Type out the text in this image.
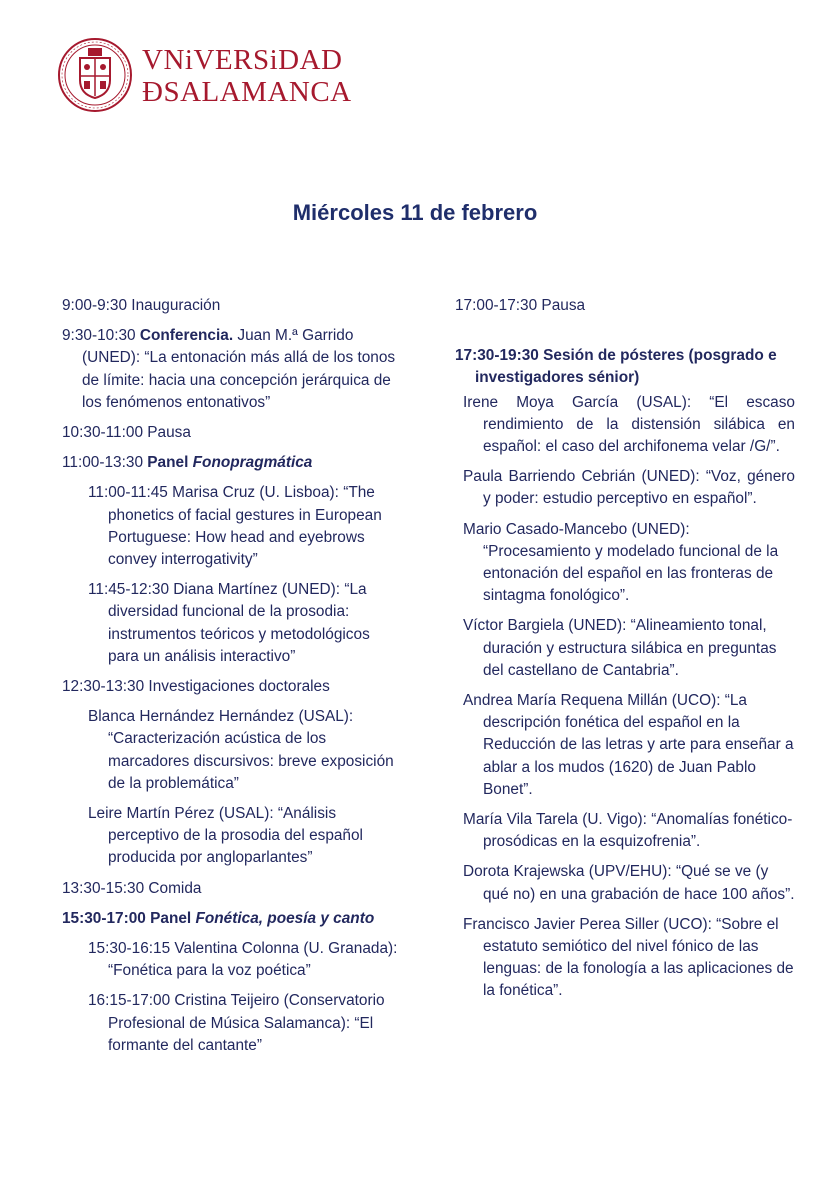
VNiVERSiDAD
ÐSALAMANCA
Miércoles 11 de febrero

9:00-9:30 Inauguración

9:30-10:30 Conferencia. Juan M.ª Garrido (UNED): “La entonación más allá de los tonos de límite: hacia una concepción jerárquica de los fenómenos entonativos”

10:30-11:00 Pausa

11:00-13:30 Panel Fonopragmática

11:00-11:45 Marisa Cruz (U. Lisboa): “The phonetics of facial gestures in European Portuguese: How head and eyebrows convey interrogativity”

11:45-12:30 Diana Martínez (UNED): “La diversidad funcional de la prosodia: instrumentos teóricos y metodológicos para un análisis interactivo”

12:30-13:30 Investigaciones doctorales

Blanca Hernández Hernández (USAL): “Caracterización acústica de los marcadores discursivos: breve exposición de la problemática”

Leire Martín Pérez (USAL): “Análisis perceptivo de la prosodia del español producida por angloparlantes”

13:30-15:30 Comida

15:30-17:00 Panel Fonética, poesía y canto

15:30-16:15 Valentina Colonna (U. Granada): “Fonética para la voz poética”

16:15-17:00 Cristina Teijeiro (Conservatorio Profesional de Música Salamanca): “El formante del cantante”

17:00-17:30 Pausa

17:30-19:30 Sesión de pósteres (posgrado e investigadores sénior)

Irene Moya García (USAL): “El escaso rendimiento de la distensión silábica en español: el caso del archifonema velar /G/”.

Paula Barriendo Cebrián (UNED): “Voz, género y poder: estudio perceptivo en español”.

Mario Casado-Mancebo (UNED): “Procesamiento y modelado funcional de la entonación del español en las fronteras de sintagma fonológico”.

Víctor Bargiela (UNED): “Alineamiento tonal, duración y estructura silábica en preguntas del castellano de Cantabria”.

Andrea María Requena Millán (UCO): “La descripción fonética del español en la Reducción de las letras y arte para enseñar a ablar a los mudos (1620) de Juan Pablo Bonet”.

María Vila Tarela (U. Vigo): “Anomalías fonético-prosódicas en la esquizofrenia”.

Dorota Krajewska (UPV/EHU): “Qué se ve (y qué no) en una grabación de hace 100 años”.

Francisco Javier Perea Siller (UCO): “Sobre el estatuto semiótico del nivel fónico de las lenguas: de la fonología a las aplicaciones de la fonética”.
